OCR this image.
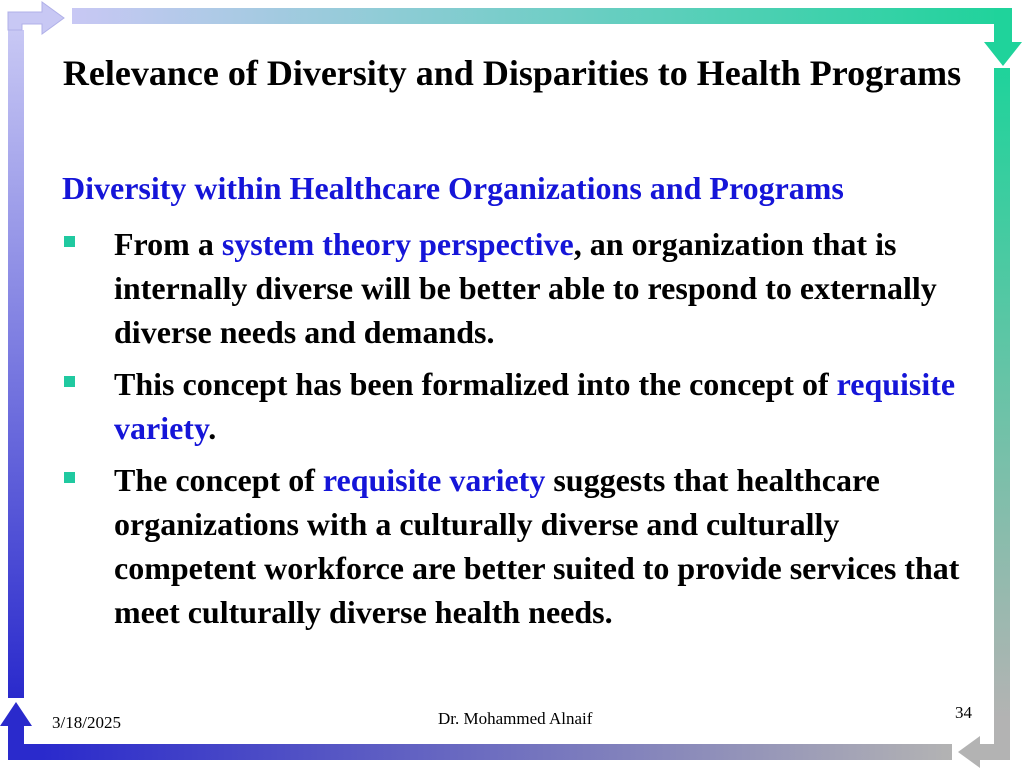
Relevance of Diversity and Disparities to Health Programs
Diversity within Healthcare Organizations and Programs
From a system theory perspective, an organization that is internally diverse will be better able to respond to externally diverse needs and demands.
This concept has been formalized into the concept of requisite variety.
The concept of requisite variety suggests that healthcare organizations with a culturally diverse and culturally competent workforce are better suited to provide services that meet culturally diverse health needs.
3/18/2025	Dr. Mohammed Alnaif	34
